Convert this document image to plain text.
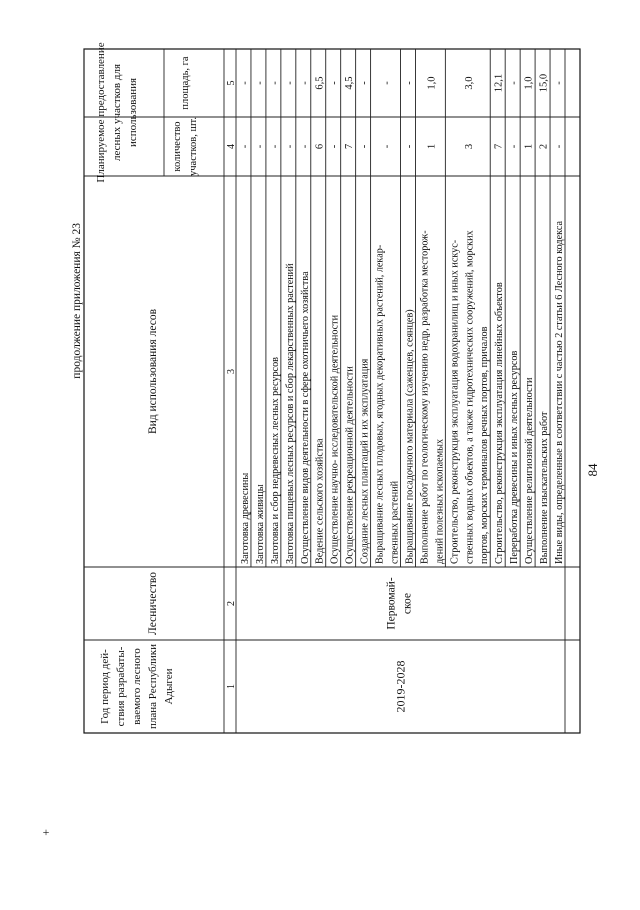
+
84
продолжение приложения № 23
Год период дей- ствия разрабаты- ваемого лесного плана Республики Адыгеи
Лесничество
Вид использования лесов
Планируемое предоставление лесных участков для использования	количество участков, шт.
площадь, га
1
2
3
4
5
Заготовка древесины
-
-
Заготовка живицы
-
-
Заготовка и сбор недревесных лесных ресурсов
-
-
Заготовка пищевых лесных ресурсов и сбор лекарственных растений
-
-
Осуществление видов деятельности в сфере охотничьего хозяйства
-
-
Ведение сельского хозяйства
6
6,5
Осуществление научно- исследовательской деятельности
-
-
Осуществление рекреационной деятельности
7
4,5
Создание лесных плантаций и их эксплуатация
-
-
Выращивание лесных плодовых, ягодных декоративных растений, лекар- ственных растений
-
-
Выращивание посадочного материала (саженцев, сеянцев)
-
-
Выполнение работ по геологическому изучению недр, разработка месторож- дений полезных ископаемых
1
1,0
Строительство, реконструкция эксплуатация водохранилищ и иных искус- ственных водных объектов, а также гидротехнических сооружений, морских портов, морских терминалов речных портов, причалов
3
3,0
Строительство, реконструкция эксплуатация линейных объектов
7
12,1
Переработка древесины и иных лесных ресурсов
-
-
Осуществление религиозной деятельности
1
1,0
Выполнение изыскательских работ
2
15,0
Иные виды, определенные в соответствии с частью 2 статьи 6 Лесного кодекса
-
-
2019-2028
Первомай- ское
